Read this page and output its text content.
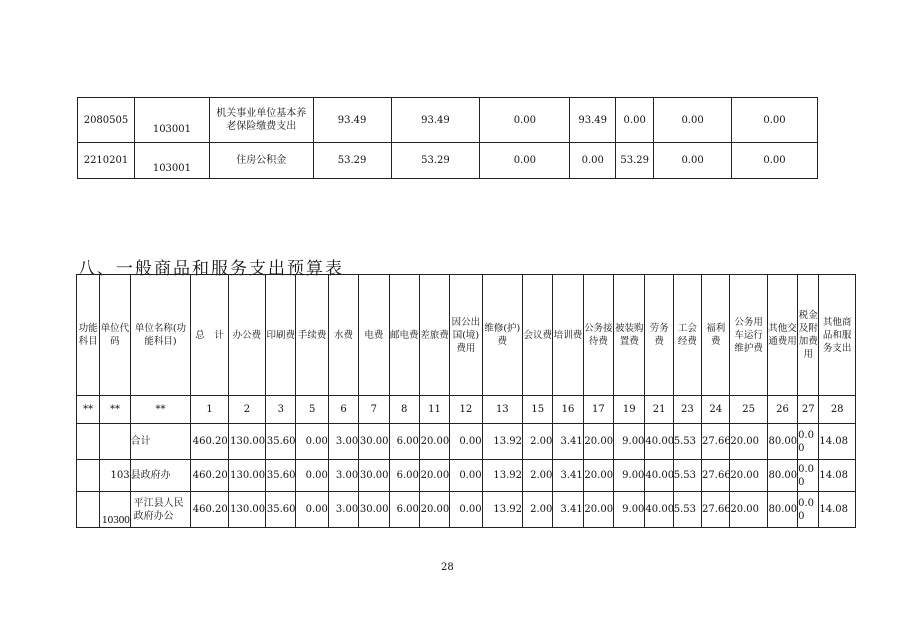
2080505	103001	机关事业单位基本养
老保险缴费支出	93.49	93.49	0.00	93.49	0.00	0.00	0.00
2210201	103001	住房公积金	53.29	53.29	0.00	0.00	53.29	0.00	0.00
八、一般商品和服务支出预算表
功能科目	单位代码	单位名称(功能科目)	总　计	办公费	印刷费	手续费	水费	电费	邮电费	差旅费	因公出国(境)费用	维修(护)费	会议费	培训费	公务接待费	被装购置费	劳务费	工会经费	福利费	公务用车运行维护费	其他交通费用	税金及附加费用	其他商品和服务支出
**	**	**	1	2	3	5	6	7	8	11	12	13	15	16	17	19	21	23	24	25	26	27	28
		合计	460.20	130.00	35.60	0.00	3.00	30.00	6.00	20.00	0.00	13.92	2.00	3.41	20.00	9.00	40.00	5.53	27.66	20.00	80.00	0.00	14.08
	103	县政府办	460.20	130.00	35.60	0.00	3.00	30.00	6.00	20.00	0.00	13.92	2.00	3.41	20.00	9.00	40.00	5.53	27.66	20.00	80.00	0.00	14.08
	10300	平江县人民政府办公	460.20	130.00	35.60	0.00	3.00	30.00	6.00	20.00	0.00	13.92	2.00	3.41	20.00	9.00	40.00	5.53	27.66	20.00	80.00	0.00	14.08
28
